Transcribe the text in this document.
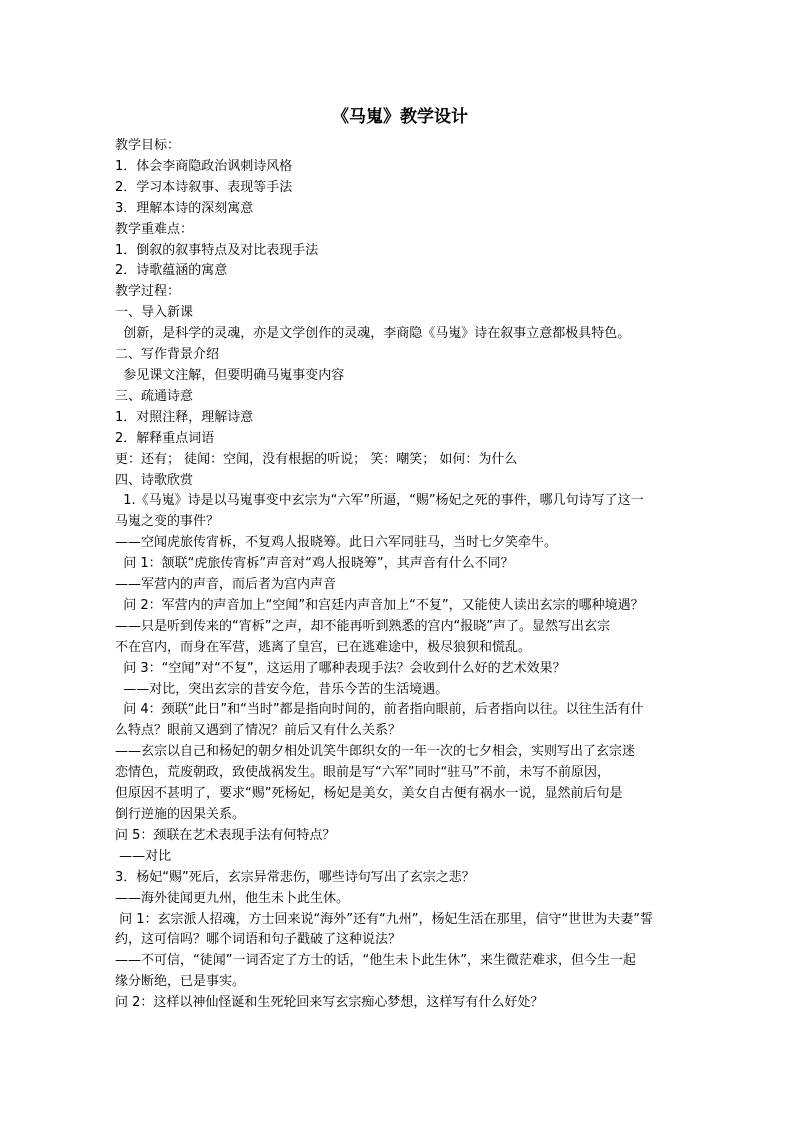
《马嵬》教学设计
教学目标：
1．体会李商隐政治讽刺诗风格
2．学习本诗叙事、表现等手法
3．理解本诗的深刻寓意
教学重难点：
1．倒叙的叙事特点及对比表现手法
2．诗歌蕴涵的寓意
教学过程：
一、导入新课
创新，是科学的灵魂，亦是文学创作的灵魂，李商隐《马嵬》诗在叙事立意都极具特色。
二、写作背景介绍
参见课文注解，但要明确马嵬事变内容
三、疏通诗意
1．对照注释，理解诗意
2．解释重点词语
更：还有； 徒闻：空闻，没有根据的听说； 笑：嘲笑； 如何：为什么
四、诗歌欣赏
1.《马嵬》诗是以马嵬事变中玄宗为“六军”所逼，“赐”杨妃之死的事件，哪几句诗写了这一
马嵬之变的事件？
——空闻虎旅传宵柝，不复鸡人报晓筹。此日六军同驻马，当时七夕笑牵牛。
问 1：颔联“虎旅传宵柝”声音对“鸡人报晓筹”，其声音有什么不同？
——军营内的声音，而后者为宫内声音
问 2：军营内的声音加上“空闻”和宫廷内声音加上“不复”，又能使人读出玄宗的哪种境遇？
——只是听到传来的“宵柝”之声，却不能再听到熟悉的宫内“报晓”声了。显然写出玄宗
不在宫内，而身在军营，逃离了皇宫，已在逃难途中，极尽狼狈和慌乱。
问 3：“空闻”对“不复”，这运用了哪种表现手法？会收到什么好的艺术效果？
——对比，突出玄宗的昔安今危，昔乐今苦的生活境遇。
问 4：颈联“此日”和“当时”都是指向时间的，前者指向眼前，后者指向以往。以往生活有什
么特点？眼前又遇到了情况？前后又有什么关系？
——玄宗以自己和杨妃的朝夕相处讥笑牛郎织女的一年一次的七夕相会，实则写出了玄宗迷
恋情色，荒废朝政，致使战祸发生。眼前是写“六军”同时“驻马”不前，未写不前原因，
但原因不甚明了，要求“赐”死杨妃，杨妃是美女，美女自古便有祸水一说，显然前后句是
倒行逆施的因果关系。
问 5：颈联在艺术表现手法有何特点？
——对比
3．杨妃“赐”死后，玄宗异常悲伤，哪些诗句写出了玄宗之悲？
——海外徒闻更九州，他生未卜此生休。
问 1：玄宗派人招魂，方士回来说“海外”还有“九州”，杨妃生活在那里，信守“世世为夫妻”誓
约，这可信吗？哪个词语和句子戳破了这种说法？
——不可信，“徒闻”一词否定了方士的话，“他生未卜此生休”，来生微茫难求，但今生一起
缘分断绝，已是事实。
问 2：这样以神仙怪诞和生死轮回来写玄宗痴心梦想，这样写有什么好处？
